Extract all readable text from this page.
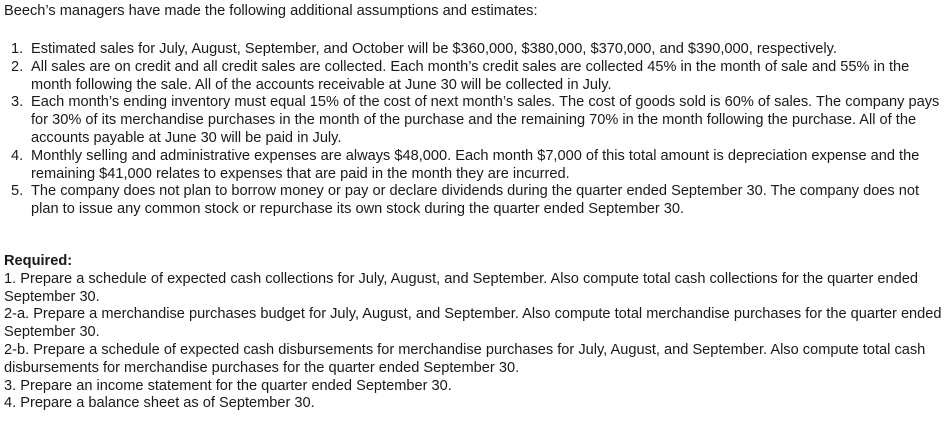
Beech’s managers have made the following additional assumptions and estimates:

1. Estimated sales for July, August, September, and October will be $360,000, $380,000, $370,000, and $390,000, respectively.
2. All sales are on credit and all credit sales are collected. Each month’s credit sales are collected 45% in the month of sale and 55% in the month following the sale. All of the accounts receivable at June 30 will be collected in July.
3. Each month’s ending inventory must equal 15% of the cost of next month’s sales. The cost of goods sold is 60% of sales. The company pays for 30% of its merchandise purchases in the month of the purchase and the remaining 70% in the month following the purchase. All of the accounts payable at June 30 will be paid in July.
4. Monthly selling and administrative expenses are always $48,000. Each month $7,000 of this total amount is depreciation expense and the remaining $41,000 relates to expenses that are paid in the month they are incurred.
5. The company does not plan to borrow money or pay or declare dividends during the quarter ended September 30. The company does not plan to issue any common stock or repurchase its own stock during the quarter ended September 30.

Required:

1. Prepare a schedule of expected cash collections for July, August, and September. Also compute total cash collections for the quarter ended September 30.

2-a. Prepare a merchandise purchases budget for July, August, and September. Also compute total merchandise purchases for the quarter ended September 30.

2-b. Prepare a schedule of expected cash disbursements for merchandise purchases for July, August, and September. Also compute total cash disbursements for merchandise purchases for the quarter ended September 30.

3. Prepare an income statement for the quarter ended September 30.

4. Prepare a balance sheet as of September 30.
